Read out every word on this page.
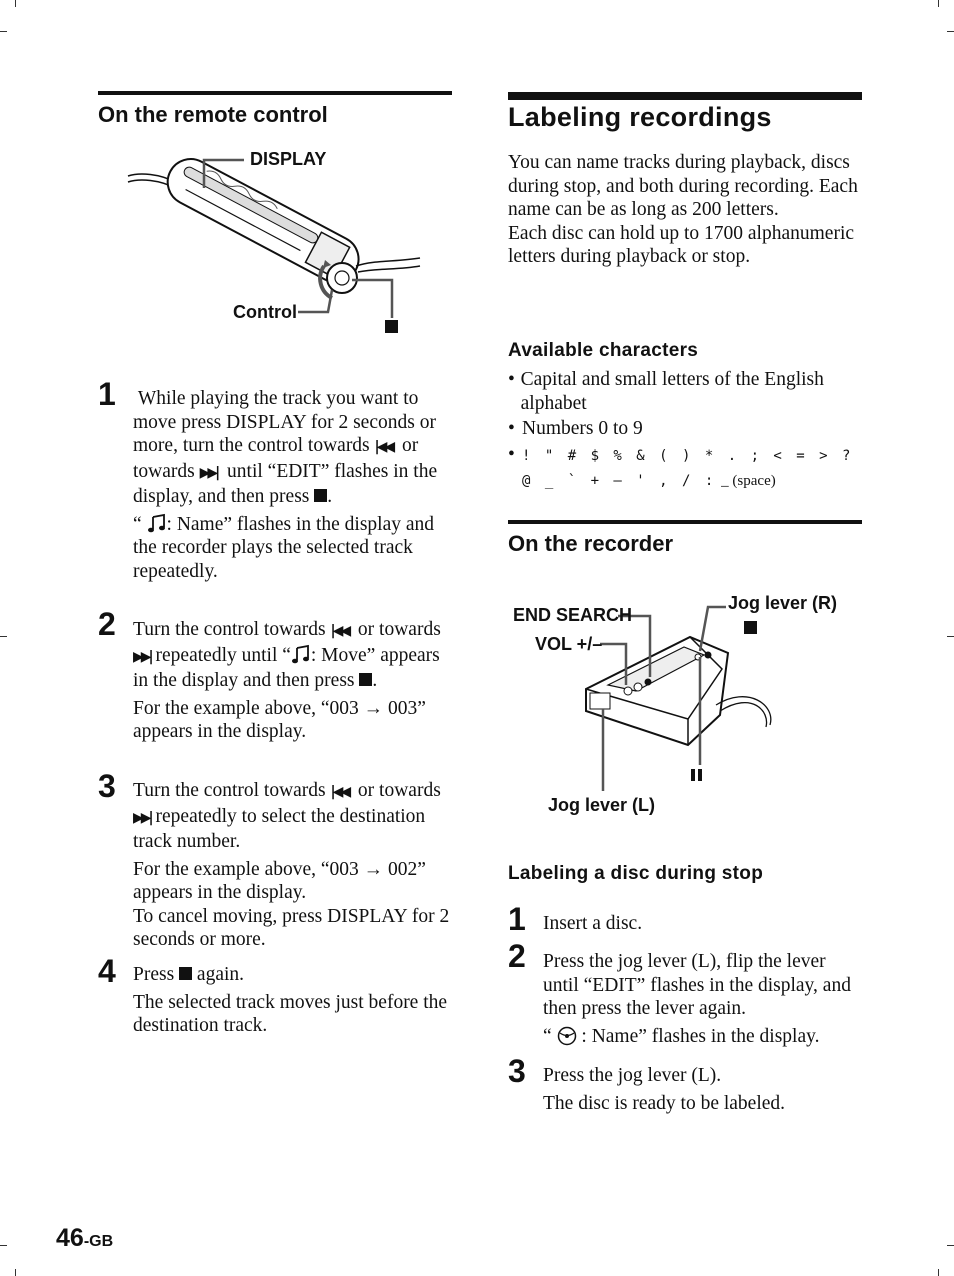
On the remote control
DISPLAY
Control
1 While playing the track you want to move press DISPLAY for 2 seconds or more, turn the control towards |◀◀ or towards ▶▶| until “EDIT” flashes in the display, and then press .

“ : Name” flashes in the display and the recorder plays the selected track repeatedly.

2 Turn the control towards |◀◀ or towards ▶▶| repeatedly until “ : Move” appears in the display and then press .

For the example above, “003 → 003” appears in the display.

3 Turn the control towards |◀◀ or towards ▶▶| repeatedly to select the destination track number.

For the example above, “003 → 002” appears in the display.

To cancel moving, press DISPLAY for 2 seconds or more.

4 Press again.

The selected track moves just before the destination track.

Labeling recordings
You can name tracks during playback, discs during stop, and both during recording. Each name can be as long as 200 letters.
Each disc can hold up to 1700 alphanumeric letters during playback or stop.
Available characters
• Capital and small letters of the English alphabet
• Numbers 0 to 9
• ! " # $ % & ( ) * . ; < = > ?
@ _ ` + – ' , / : _ (space)
On the recorder
END SEARCH
VOL +/–
Jog lever (R)
Jog lever (L)
Labeling a disc during stop
1 Insert a disc.

2 Press the jog lever (L), flip the lever until “EDIT” flashes in the display, and then press the lever again.

“ : Name” flashes in the display.

3 Press the jog lever (L).

The disc is ready to be labeled.

46-GB
